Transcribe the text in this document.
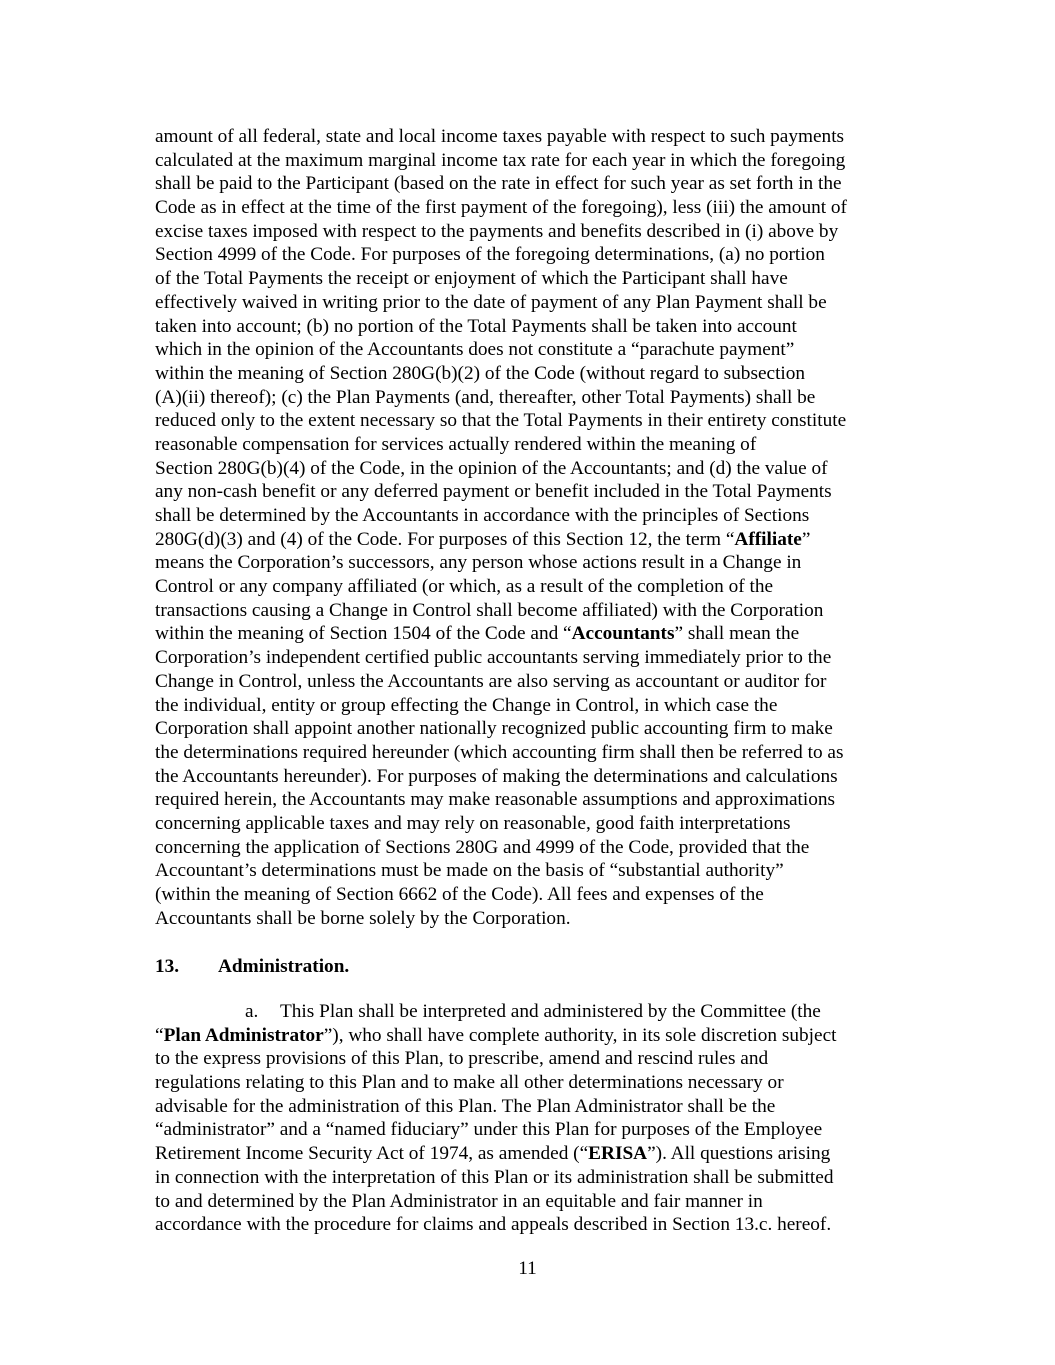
amount of all federal, state and local income taxes payable with respect to such payments
calculated at the maximum marginal income tax rate for each year in which the foregoing
shall be paid to the Participant (based on the rate in effect for such year as set forth in the
Code as in effect at the time of the first payment of the foregoing), less (iii) the amount of
excise taxes imposed with respect to the payments and benefits described in (i) above by
Section 4999 of the Code. For purposes of the foregoing determinations, (a) no portion
of the Total Payments the receipt or enjoyment of which the Participant shall have
effectively waived in writing prior to the date of payment of any Plan Payment shall be
taken into account; (b) no portion of the Total Payments shall be taken into account
which in the opinion of the Accountants does not constitute a “parachute payment”
within the meaning of Section 280G(b)(2) of the Code (without regard to subsection
(A)(ii) thereof); (c) the Plan Payments (and, thereafter, other Total Payments) shall be
reduced only to the extent necessary so that the Total Payments in their entirety constitute
reasonable compensation for services actually rendered within the meaning of
Section 280G(b)(4) of the Code, in the opinion of the Accountants; and (d) the value of
any non-cash benefit or any deferred payment or benefit included in the Total Payments
shall be determined by the Accountants in accordance with the principles of Sections
280G(d)(3) and (4) of the Code. For purposes of this Section 12, the term “Affiliate”
means the Corporation’s successors, any person whose actions result in a Change in
Control or any company affiliated (or which, as a result of the completion of the
transactions causing a Change in Control shall become affiliated) with the Corporation
within the meaning of Section 1504 of the Code and “Accountants” shall mean the
Corporation’s independent certified public accountants serving immediately prior to the
Change in Control, unless the Accountants are also serving as accountant or auditor for
the individual, entity or group effecting the Change in Control, in which case the
Corporation shall appoint another nationally recognized public accounting firm to make
the determinations required hereunder (which accounting firm shall then be referred to as
the Accountants hereunder). For purposes of making the determinations and calculations
required herein, the Accountants may make reasonable assumptions and approximations
concerning applicable taxes and may rely on reasonable, good faith interpretations
concerning the application of Sections 280G and 4999 of the Code, provided that the
Accountant’s determinations must be made on the basis of “substantial authority”
(within the meaning of Section 6662 of the Code). All fees and expenses of the
Accountants shall be borne solely by the Corporation.
13. Administration.
a. This Plan shall be interpreted and administered by the Committee (the
“Plan Administrator”), who shall have complete authority, in its sole discretion subject
to the express provisions of this Plan, to prescribe, amend and rescind rules and
regulations relating to this Plan and to make all other determinations necessary or
advisable for the administration of this Plan. The Plan Administrator shall be the
“administrator” and a “named fiduciary” under this Plan for purposes of the Employee
Retirement Income Security Act of 1974, as amended (“ERISA”). All questions arising
in connection with the interpretation of this Plan or its administration shall be submitted
to and determined by the Plan Administrator in an equitable and fair manner in
accordance with the procedure for claims and appeals described in Section 13.c. hereof.
11
